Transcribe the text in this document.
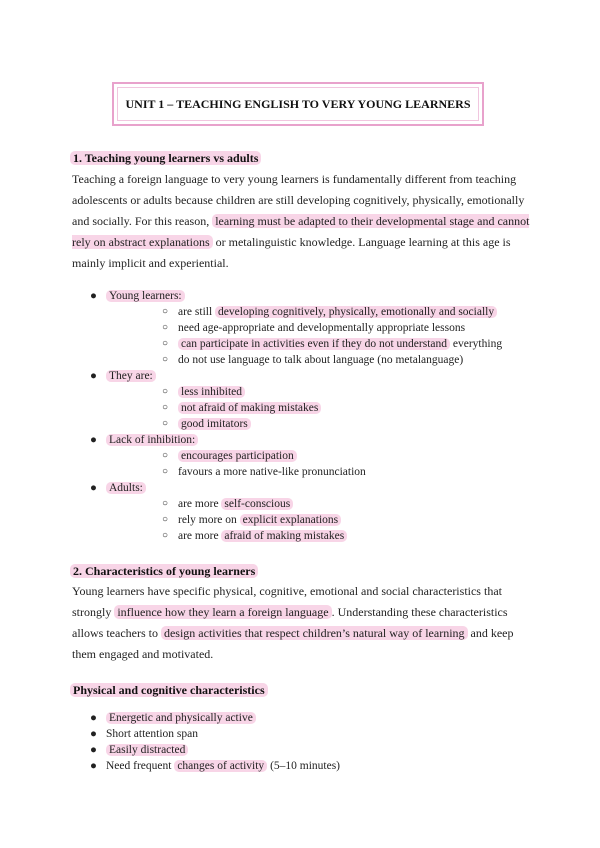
UNIT 1 – TEACHING ENGLISH TO VERY YOUNG LEARNERS
1. Teaching young learners vs adults

Teaching a foreign language to very young learners is fundamentally different from teaching adolescents or adults because children are still developing cognitively, physically, emotionally and socially. For this reason, learning must be adapted to their developmental stage and cannot rely on abstract explanations or metalinguistic knowledge. Language learning at this age is mainly implicit and experiential.

● Young learners:
○ are still developing cognitively, physically, emotionally and socially
○ need age-appropriate and developmentally appropriate lessons
○ can participate in activities even if they do not understand everything
○ do not use language to talk about language (no metalanguage)
● They are:
○ less inhibited
○ not afraid of making mistakes
○ good imitators
● Lack of inhibition:
○ encourages participation
○ favours a more native-like pronunciation
● Adults:
○ are more self-conscious
○ rely more on explicit explanations
○ are more afraid of making mistakes
2. Characteristics of young learners

Young learners have specific physical, cognitive, emotional and social characteristics that strongly influence how they learn a foreign language . Understanding these characteristics allows teachers to design activities that respect children’s natural way of learning and keep them engaged and motivated.

Physical and cognitive characteristics
● Energetic and physically active
● Short attention span
● Easily distracted
● Need frequent changes of activity (5–10 minutes)
